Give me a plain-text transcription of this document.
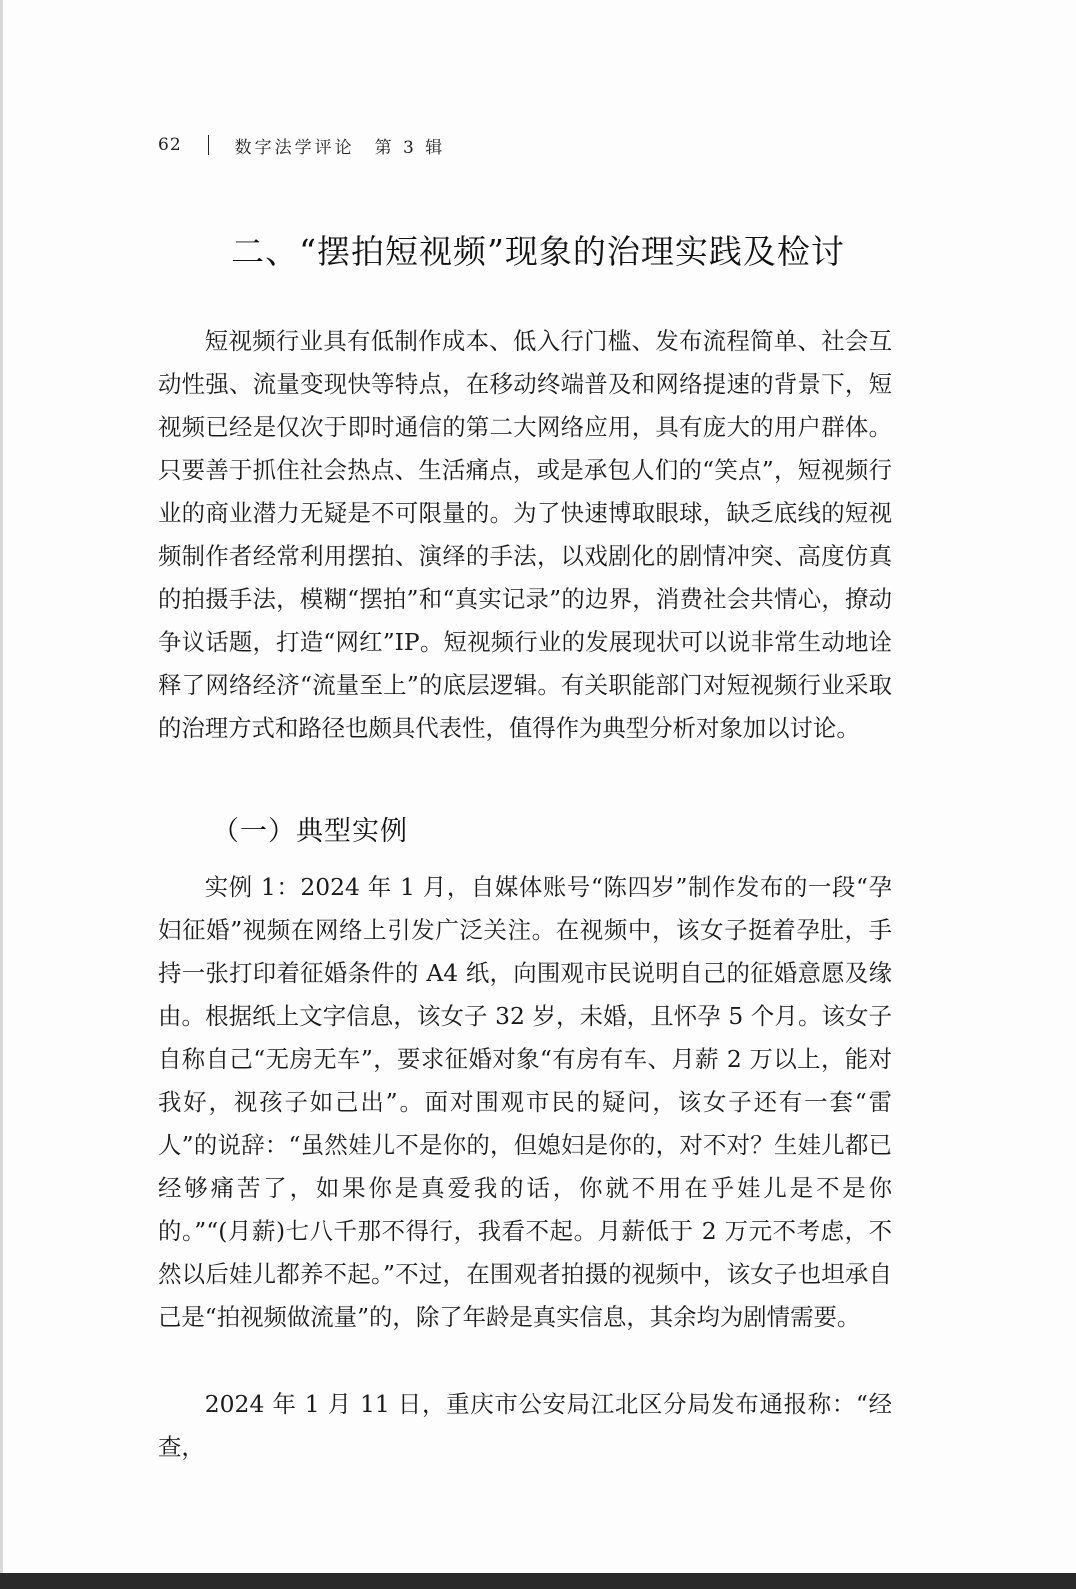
62	数字法学评论 第 3 辑
二、“摆拍短视频”现象的治理实践及检讨

短视频行业具有低制作成本、低入行门槛、发布流程简单、社会互动性强、流量变现快等特点，在移动终端普及和网络提速的背景下，短视频已经是仅次于即时通信的第二大网络应用，具有庞大的用户群体。只要善于抓住社会热点、生活痛点，或是承包人们的“笑点”，短视频行业的商业潜力无疑是不可限量的。为了快速博取眼球，缺乏底线的短视频制作者经常利用摆拍、演绎的手法，以戏剧化的剧情冲突、高度仿真的拍摄手法，模糊“摆拍”和“真实记录”的边界，消费社会共情心，撩动争议话题，打造“网红”IP。短视频行业的发展现状可以说非常生动地诠释了网络经济“流量至上”的底层逻辑。有关职能部门对短视频行业采取的治理方式和路径也颇具代表性，值得作为典型分析对象加以讨论。

（一）典型实例

实例 1：2024 年 1 月，自媒体账号“陈四岁”制作发布的一段“孕妇征婚”视频在网络上引发广泛关注。在视频中，该女子挺着孕肚，手持一张打印着征婚条件的 A4 纸，向围观市民说明自己的征婚意愿及缘由。根据纸上文字信息，该女子 32 岁，未婚，且怀孕 5 个月。该女子自称自己“无房无车”，要求征婚对象“有房有车、月薪 2 万以上，能对我好，视孩子如己出”。面对围观市民的疑问，该女子还有一套“雷人”的说辞：“虽然娃儿不是你的，但媳妇是你的，对不对？生娃儿都已经够痛苦了，如果你是真爱我的话，你就不用在乎娃儿是不是你的。”“(月薪)七八千那不得行，我看不起。月薪低于 2 万元不考虑，不然以后娃儿都养不起。”不过，在围观者拍摄的视频中，该女子也坦承自己是“拍视频做流量”的，除了年龄是真实信息，其余均为剧情需要。

2024 年 1 月 11 日，重庆市公安局江北区分局发布通报称：“经查，
